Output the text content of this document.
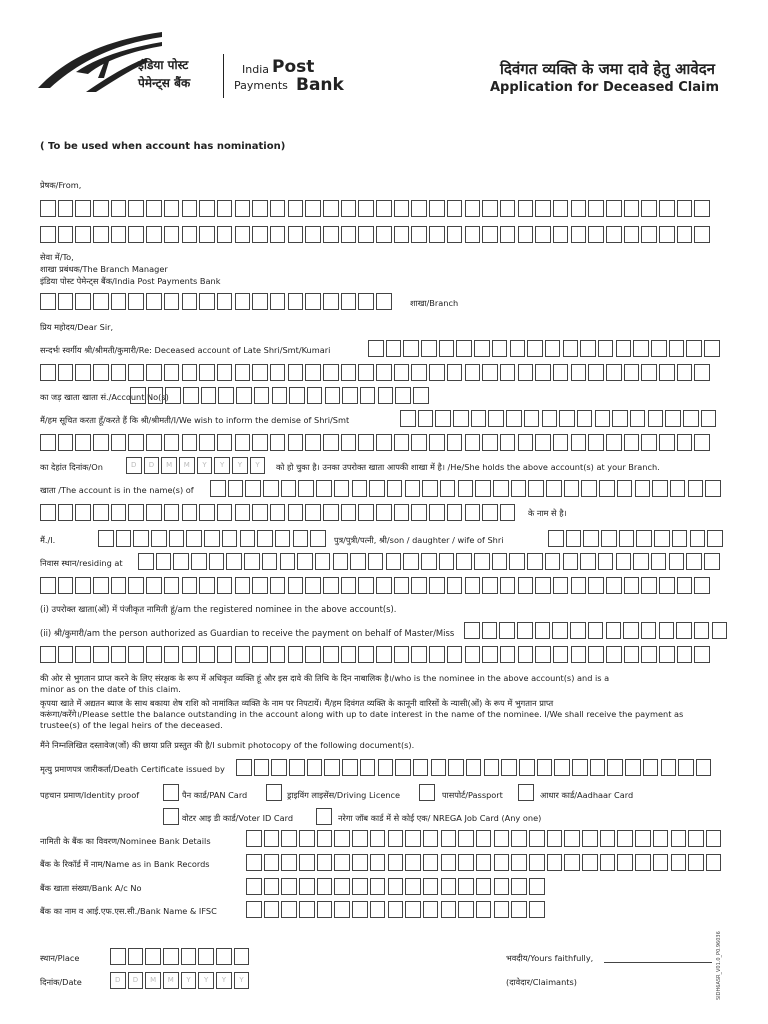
इंडिया पोस्ट
पेमेन्ट्स बैंक
India Post
Payments Bank
दिवंगत व्यक्ति के जमा दावे हेतु आवेदन
Application for Deceased Claim
( To be used when account has nomination)
प्रेषक/From,
सेवा में/To,
शाखा प्रबंधक/The Branch Manager
इंडिया पोस्ट पेमेन्ट्स बैंक/India Post Payments Bank
शाखा/Branch
प्रिय महोदय/Dear Sir,
सन्दर्भः स्वर्गीय श्री/श्रीमती/कुमारी/Re: Deceased account of Late Shri/Smt/Kumari
का जड़ खाता खाता सं./Account No(s)
मैं/हम सूचित करता हूँ/करते हैं कि श्री/श्रीमती/I/We wish to inform the demise of Shri/Smt
का देहांत दिनांक/On	D	D	M	M	Y	Y	Y	Y	को हो चुका है। उनका उपरोक्त खाता आपकी शाखा में है। /He/She holds the above account(s) at your Branch.
खाता /The account is in the name(s) of
के नाम से है।
मैं./I.	पुत्र/पुत्री/पत्नी, श्री/son / daughter / wife of Shri
निवास स्थान/residing at
(i) उपरोक्त खाता(ओं) में पंजीकृत नामिती हूं/am the registered nominee in the above account(s).
(ii) श्री/कुमारी/am the person authorized as Guardian to receive the payment on behalf of Master/Miss
की ओर से भुगतान प्राप्त करने के लिए संरक्षक के रूप में अधिकृत व्यक्ति हूं और इस दावे की तिथि के दिन नाबालिक है।/who is the nominee in the above account(s) and is a
minor as on the date of this claim.
कृपया खाते में अद्यतन ब्याज के साथ बकाया शेष राशि को नामांकित व्यक्ति के नाम पर निपटायें। मैं/हम दिवंगत व्यक्ति के कानूनी वारिसों के न्यासी(ओं) के रूप में भुगतान प्राप्त
करूंगा/करेंगे।/Please settle the balance outstanding in the account along with up to date interest in the name of the nominee. I/We shall receive the payment as
trustee(s) of the legal heirs of the deceased.
मैंने निम्नलिखित दस्तावेज(जों) की छाया प्रति प्रस्तुत की है/I submit photocopy of the following document(s).
मृत्यु प्रमाणपत्र जारीकर्ता/Death Certificate issued by
पहचान प्रमाण/Identity proof	पैन कार्ड/PAN Card	ड्राइविंग लाइसेंस/Driving Licence	पासपोर्ट/Passport	आधार कार्ड/Aadhaar Card
वोटर आइ डी कार्ड/Voter ID Card	नरेगा जॉब कार्ड में से कोई एक/ NREGA Job Card (Any one)
नामिती के बैंक का विवरण/Nominee Bank Details
बैंक के रिकॉर्ड में नाम/Name as in Bank Records
बैंक खाता संख्या/Bank A/c No
बैंक का नाम व आई.एफ.एस.सी./Bank Name & IFSC
स्थान/Place
दिनांक/Date	D	D	M	M	Y	Y	Y	Y
भवदीय/Yours faithfully,
(दावेदार/Claimants)	SIDH6ASR_V01.0_P0.96036
